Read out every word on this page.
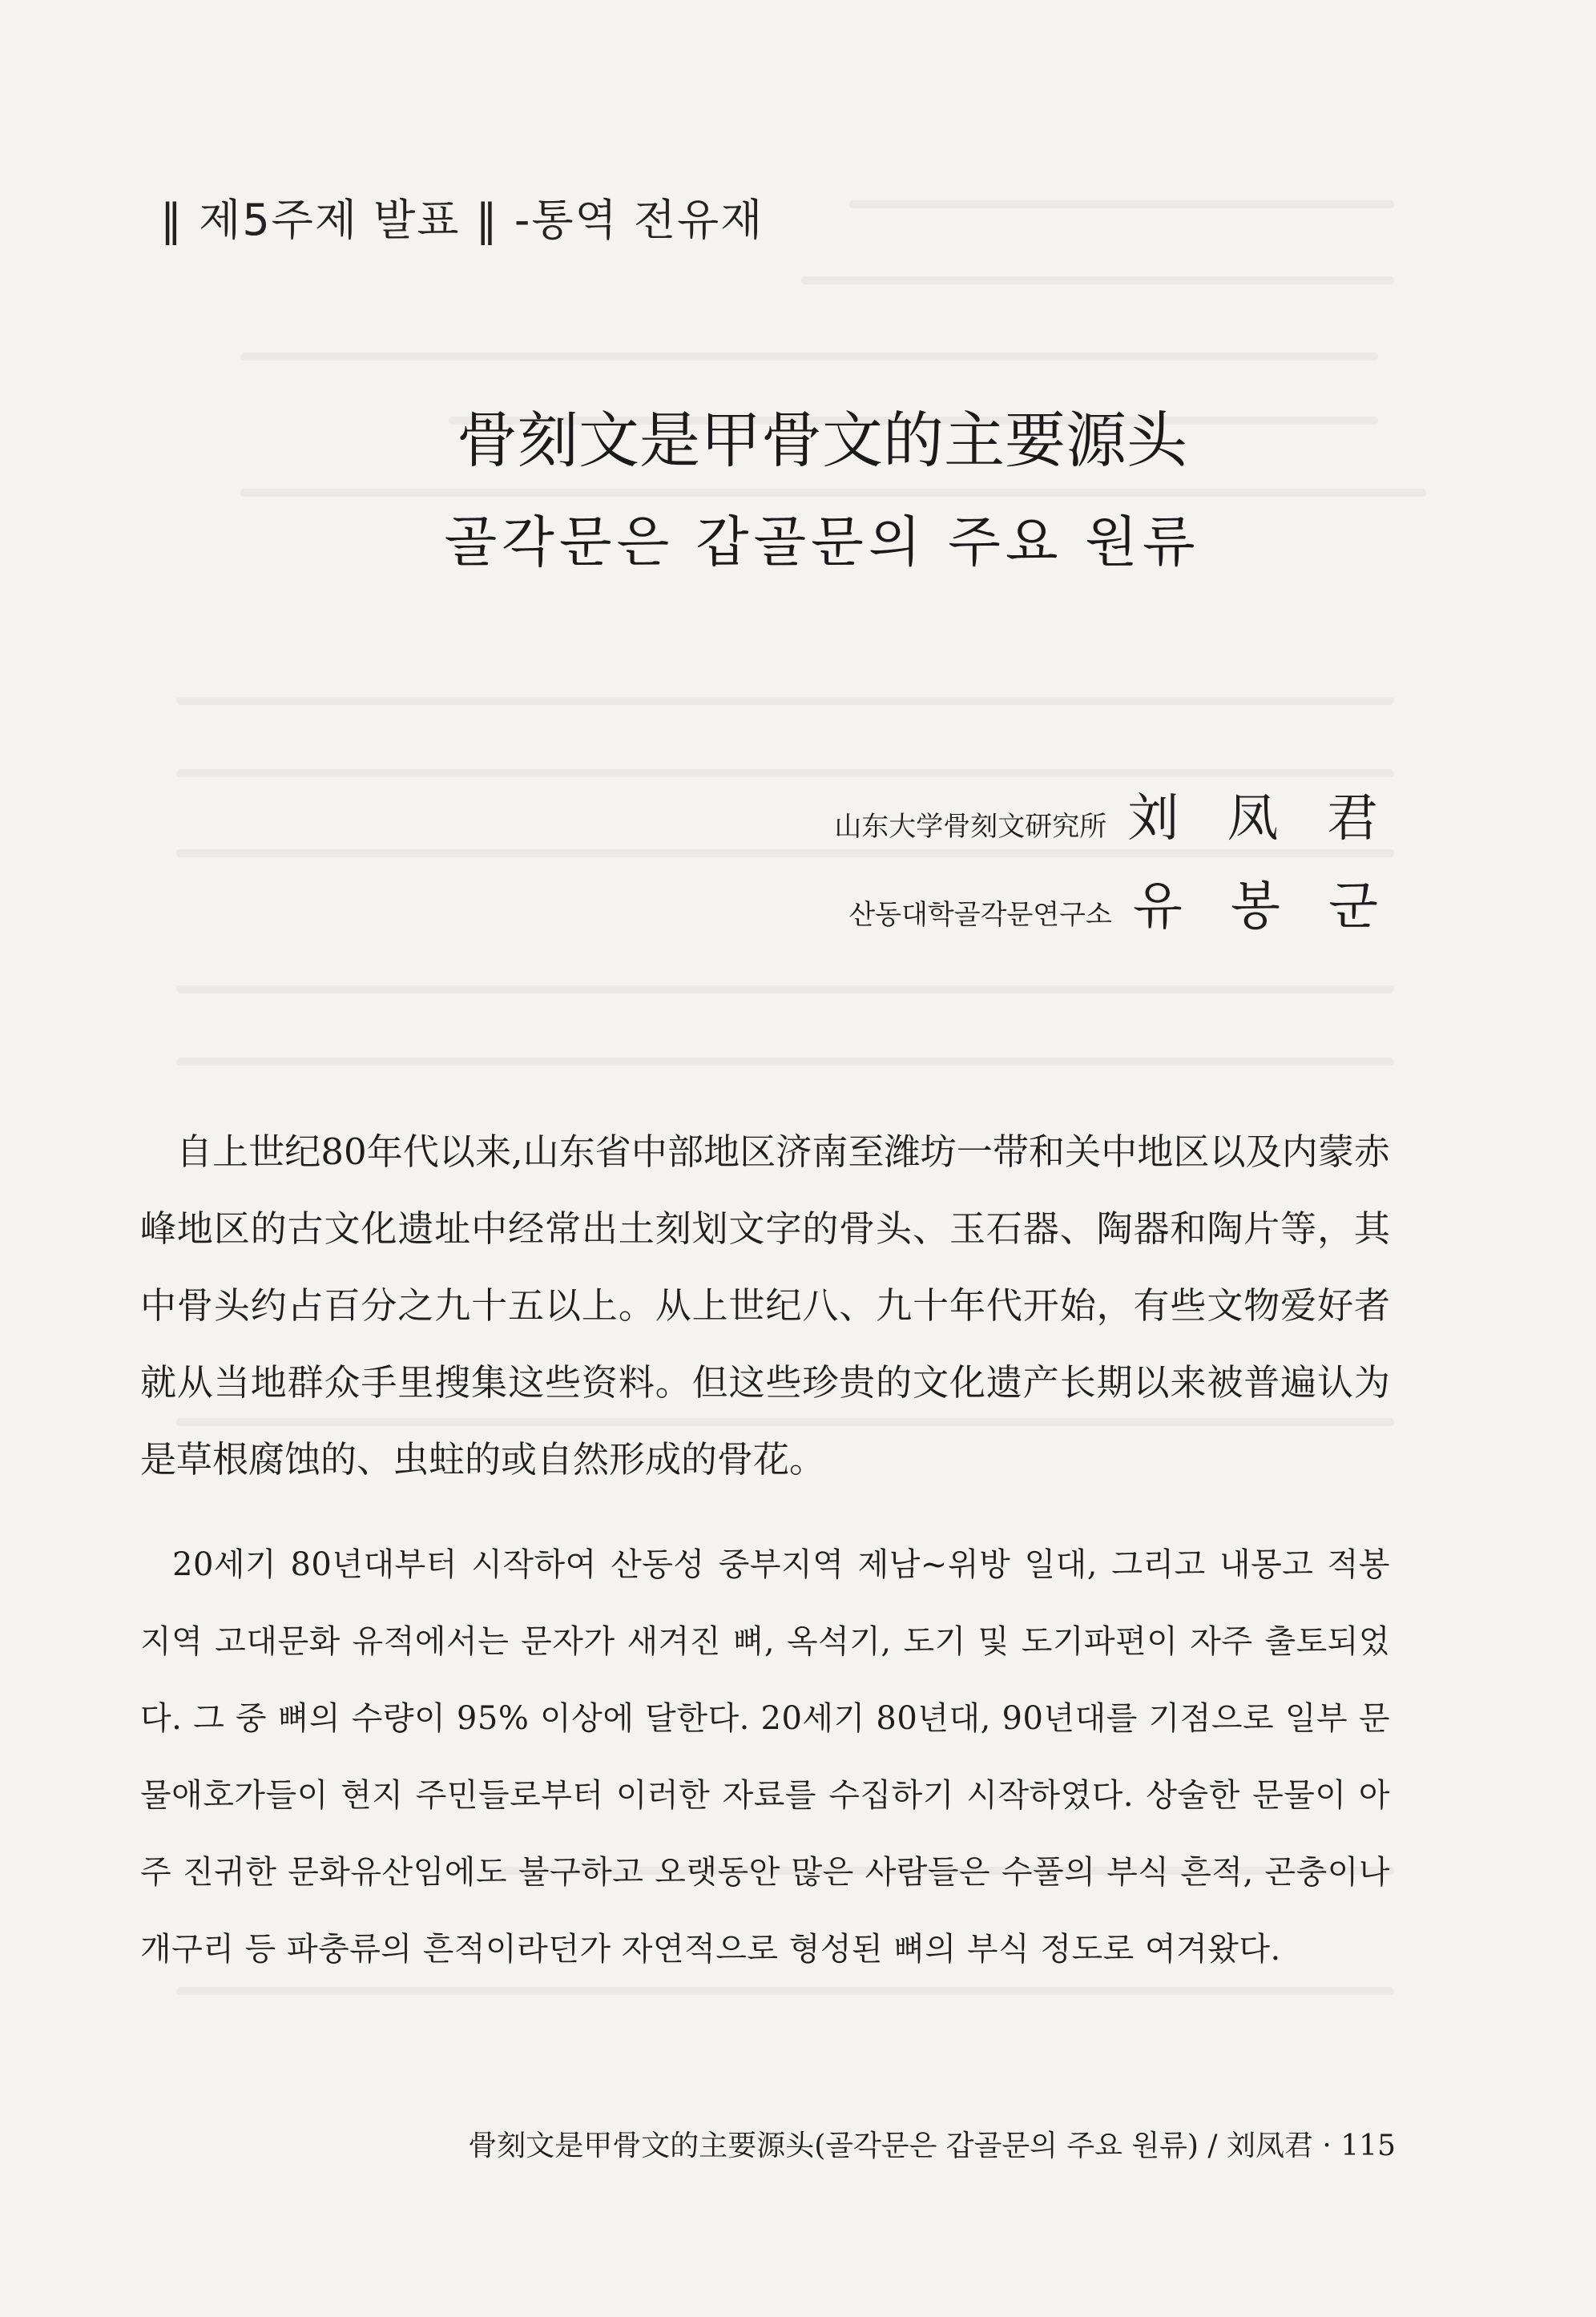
‖ 제5주제 발표 ‖ -통역 전유재
骨刻文是甲骨文的主要源头
골각문은 갑골문의 주요 원류
山东大学骨刻文研究所 刘 凤 君
산동대학골각문연구소 유 봉 군

自上世纪80年代以来,山东省中部地区济南至潍坊一带和关中地区以及内蒙赤峰地区的古文化遗址中经常出土刻划文字的骨头、玉石器、陶器和陶片等，其中骨头约占百分之九十五以上。从上世纪八、九十年代开始，有些文物爱好者就从当地群众手里搜集这些资料。但这些珍贵的文化遗产长期以来被普遍认为是草根腐蚀的、虫蛀的或自然形成的骨花。

20세기 80년대부터 시작하여 산동성 중부지역 제남~위방 일대, 그리고 내몽고 적봉지역 고대문화 유적에서는 문자가 새겨진 뼈, 옥석기, 도기 및 도기파편이 자주 출토되었다. 그 중 뼈의 수량이 95% 이상에 달한다. 20세기 80년대, 90년대를 기점으로 일부 문물애호가들이 현지 주민들로부터 이러한 자료를 수집하기 시작하였다. 상술한 문물이 아주 진귀한 문화유산임에도 불구하고 오랫동안 많은 사람들은 수풀의 부식 흔적, 곤충이나 개구리 등 파충류의 흔적이라던가 자연적으로 형성된 뼈의 부식 정도로 여겨왔다.

骨刻文是甲骨文的主要源头(골각문은 갑골문의 주요 원류) / 刘凤君 · 115
